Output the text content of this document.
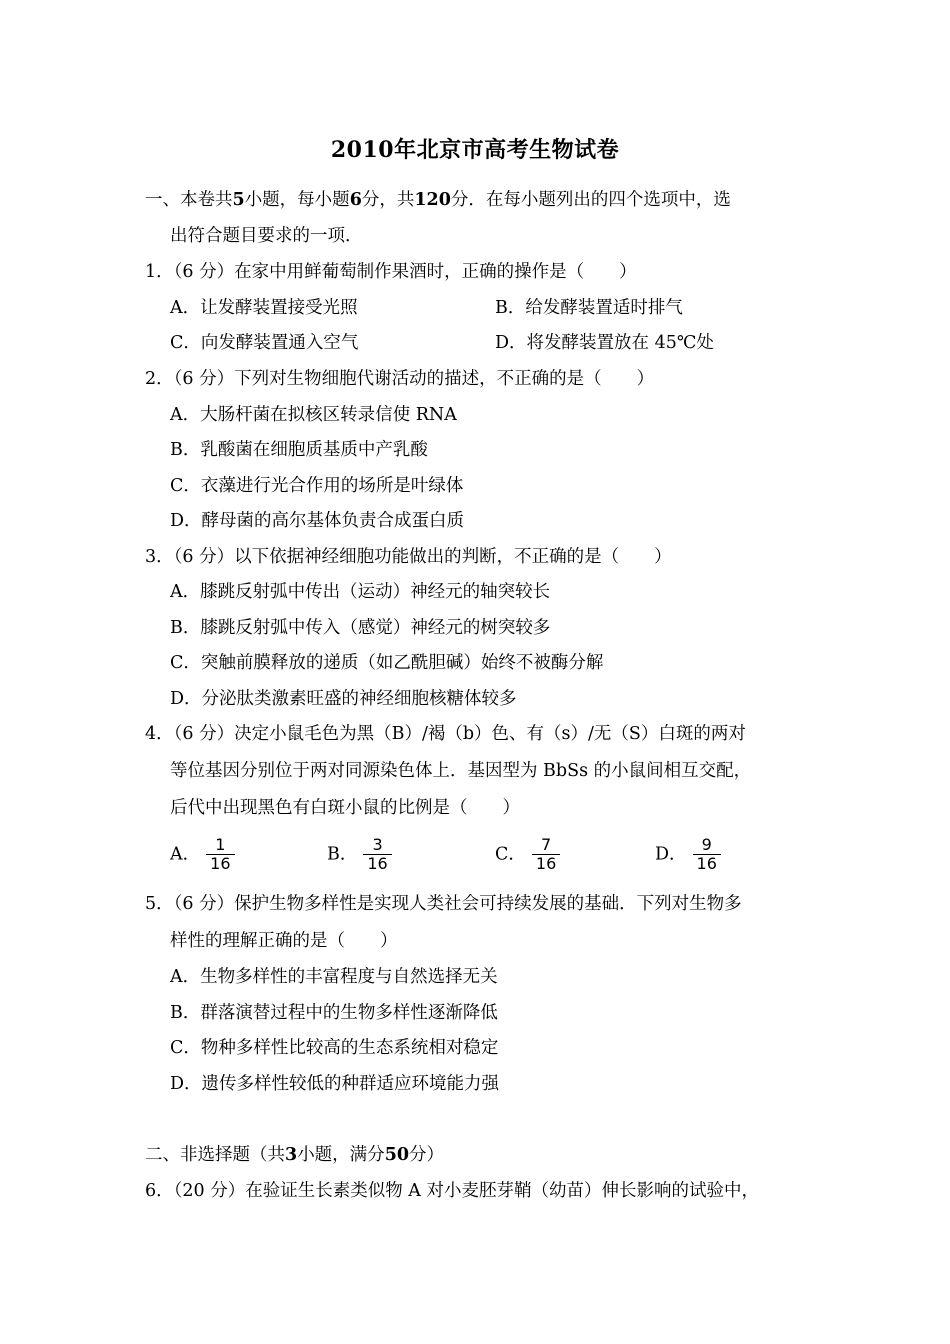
2010年北京市高考生物试卷
一、本卷共5小题，每小题6分，共120分．在每小题列出的四个选项中，选
出符合题目要求的一项．
1．（6 分）在家中用鲜葡萄制作果酒时，正确的操作是（　　）
A．让发酵装置接受光照	B．给发酵装置适时排气
C．向发酵装置通入空气	D．将发酵装置放在 45℃处
2．（6 分）下列对生物细胞代谢活动的描述，不正确的是（　　）
A．大肠杆菌在拟核区转录信使 RNA
B．乳酸菌在细胞质基质中产乳酸
C．衣藻进行光合作用的场所是叶绿体
D．酵母菌的高尔基体负责合成蛋白质
3．（6 分）以下依据神经细胞功能做出的判断，不正确的是（　　）
A．膝跳反射弧中传出（运动）神经元的轴突较长
B．膝跳反射弧中传入（感觉）神经元的树突较多
C．突触前膜释放的递质（如乙酰胆碱）始终不被酶分解
D．分泌肽类激素旺盛的神经细胞核糖体较多
4．（6 分）决定小鼠毛色为黑（B）/褐（b）色、有（s）/无（S）白斑的两对
等位基因分别位于两对同源染色体上．基因型为 BbSs 的小鼠间相互交配，
后代中出现黑色有白斑小鼠的比例是（　　）
A． $\frac{1}{16}$	B． $\frac{3}{16}$	C． $\frac{7}{16}$	D． $\frac{9}{16}$
5．（6 分）保护生物多样性是实现人类社会可持续发展的基础．下列对生物多
样性的理解正确的是（　　）
A．生物多样性的丰富程度与自然选择无关
B．群落演替过程中的生物多样性逐渐降低
C．物种多样性比较高的生态系统相对稳定
D．遗传多样性较低的种群适应环境能力强
二、非选择题（共3小题，满分50分）
6．（20 分）在验证生长素类似物 A 对小麦胚芽鞘（幼苗）伸长影响的试验中，
